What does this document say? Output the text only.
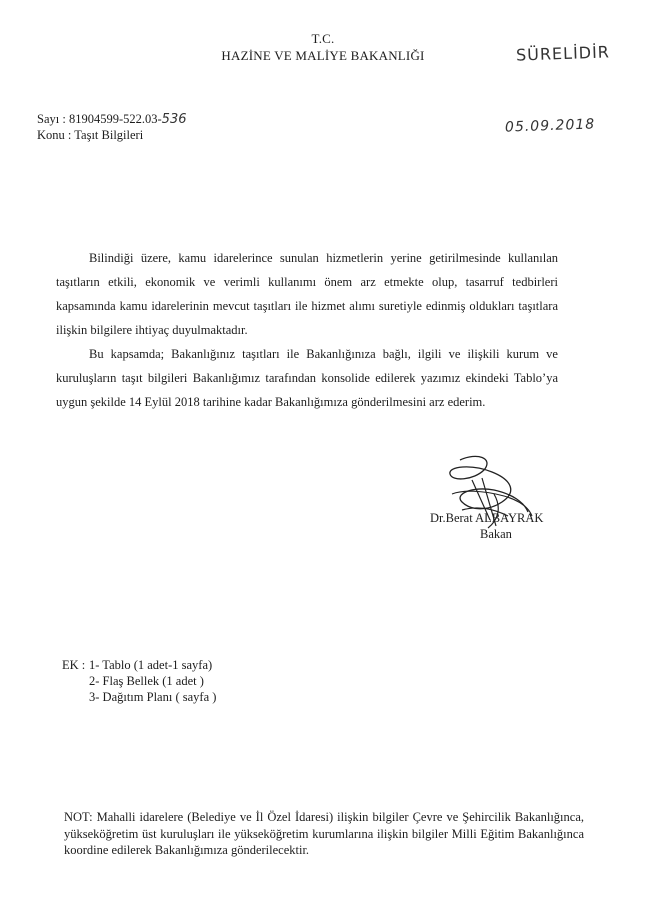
T.C.
HAZİNE VE MALİYE BAKANLIĞI	SÜRELİDİR
Sayı : 81904599-522.03-536
Konu : Taşıt Bilgileri	05.09.2018
Bilindiği üzere, kamu idarelerince sunulan hizmetlerin yerine getirilmesinde kullanılan taşıtların etkili, ekonomik ve verimli kullanımı önem arz etmekte olup, tasarruf tedbirleri kapsamında kamu idarelerinin mevcut taşıtları ile hizmet alımı suretiyle edinmiş oldukları taşıtlara ilişkin bilgilere ihtiyaç duyulmaktadır.
Bu kapsamda; Bakanlığınız taşıtları ile Bakanlığınıza bağlı, ilgili ve ilişkili kurum ve kuruluşların taşıt bilgileri Bakanlığımız tarafından konsolide edilerek yazımız ekindeki Tablo’ya uygun şekilde 14 Eylül 2018 tarihine kadar Bakanlığımıza gönderilmesini arz ederim.
Dr.Berat ALBAYRAK
Bakan
EK : 1- Tablo (1 adet-1 sayfa)
2- Flaş Bellek (1 adet )
3- Dağıtım Planı ( sayfa )
NOT: Mahalli idarelere (Belediye ve İl Özel İdaresi) ilişkin bilgiler Çevre ve Şehircilik Bakanlığınca, yükseköğretim üst kuruluşları ile yükseköğretim kurumlarına ilişkin bilgiler Milli Eğitim Bakanlığınca koordine edilerek Bakanlığımıza gönderilecektir.
